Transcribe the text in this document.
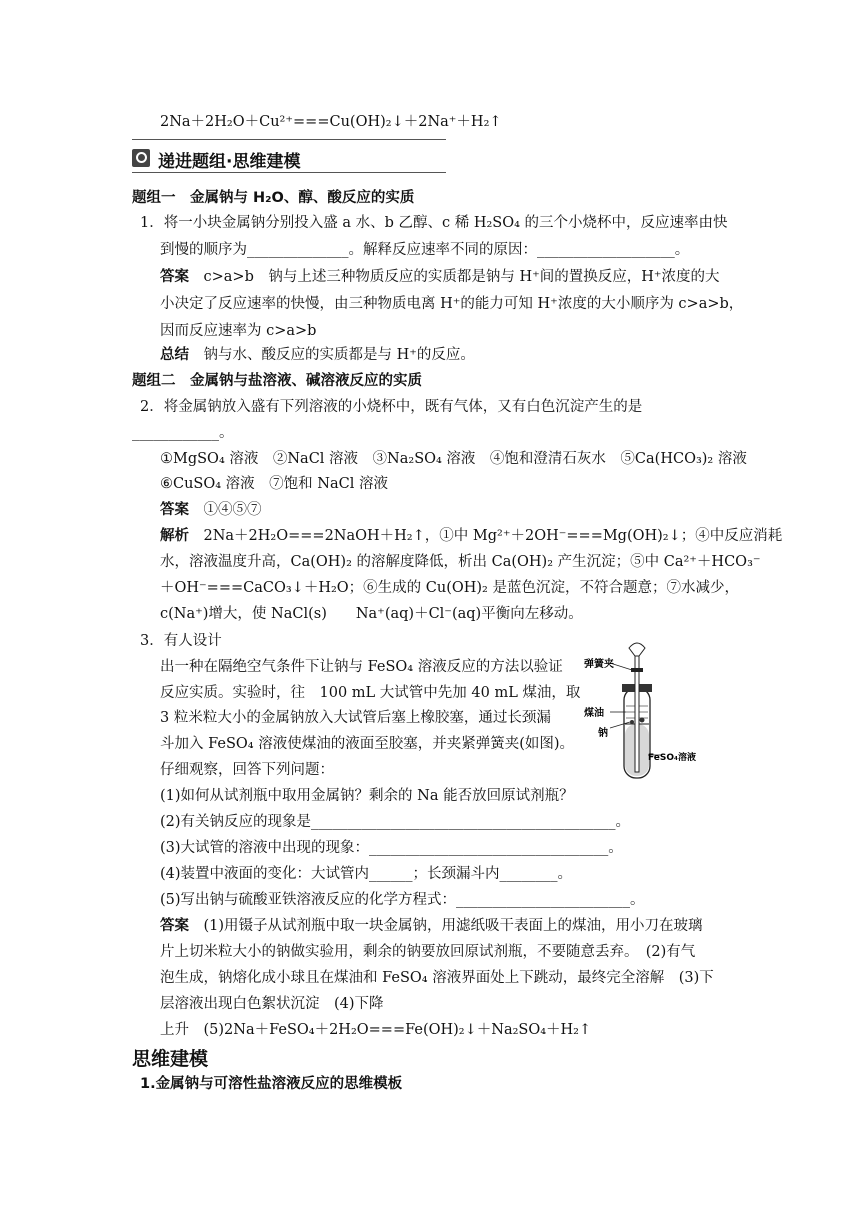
2Na＋2H₂O＋Cu²⁺===Cu(OH)₂↓＋2Na⁺＋H₂↑
递进题组·思维建模
题组一　金属钠与 H₂O、醇、酸反应的实质
1．将一小块金属钠分别投入盛 a 水、b 乙醇、c 稀 H₂SO₄ 的三个小烧杯中，反应速率由快
到慢的顺序为______________。解释反应速率不同的原因：___________________。
答案　 c>a>b　钠与上述三种物质反应的实质都是钠与 H⁺间的置换反应，H⁺浓度的大
小决定了反应速率的快慢，由三种物质电离 H⁺的能力可知 H⁺浓度的大小顺序为 c>a>b，
因而反应速率为 c>a>b
总结　 钠与水、酸反应的实质都是与 H⁺的反应。
题组二　金属钠与盐溶液、碱溶液反应的实质
2．将金属钠放入盛有下列溶液的小烧杯中，既有气体，又有白色沉淀产生的是
____________。
①MgSO₄ 溶液　②NaCl 溶液　③Na₂SO₄ 溶液　④饱和澄清石灰水　⑤Ca(HCO₃)₂ 溶液
⑥CuSO₄ 溶液　⑦饱和 NaCl 溶液
答案　 ①④⑤⑦
解析　 2Na＋2H₂O===2NaOH＋H₂↑，①中 Mg²⁺＋2OH⁻===Mg(OH)₂↓；④中反应消耗
水，溶液温度升高，Ca(OH)₂ 的溶解度降低，析出 Ca(OH)₂ 产生沉淀；⑤中 Ca²⁺＋HCO₃⁻
＋OH⁻===CaCO₃↓＋H₂O；⑥生成的 Cu(OH)₂ 是蓝色沉淀，不符合题意；⑦水减少，
c(Na⁺)增大，使 NaCl(s)　　Na⁺(aq)＋Cl⁻(aq)平衡向左移动。
3．有人设计
出一种在隔绝空气条件下让钠与 FeSO₄ 溶液反应的方法以验证
反应实质。实验时，往　100 mL 大试管中先加 40 mL 煤油，取
3 粒米粒大小的金属钠放入大试管后塞上橡胶塞，通过长颈漏
斗加入 FeSO₄ 溶液使煤油的液面至胶塞，并夹紧弹簧夹(如图)。
仔细观察，回答下列问题：
弹簧夹
煤油
钠
FeSO₄溶液
(1)如何从试剂瓶中取用金属钠？剩余的 Na 能否放回原试剂瓶？
(2)有关钠反应的现象是__________________________________________。
(3)大试管的溶液中出现的现象：_________________________________。
(4)装置中液面的变化：大试管内______；长颈漏斗内________。
(5)写出钠与硫酸亚铁溶液反应的化学方程式：________________________。
答案　 (1)用镊子从试剂瓶中取一块金属钠，用滤纸吸干表面上的煤油，用小刀在玻璃
片上切米粒大小的钠做实验用，剩余的钠要放回原试剂瓶，不要随意丢弃。　(2)有气
泡生成，钠熔化成小球且在煤油和 FeSO₄ 溶液界面处上下跳动，最终完全溶解　(3)下
层溶液出现白色絮状沉淀　(4)下降
上升　(5)2Na＋FeSO₄＋2H₂O===Fe(OH)₂↓＋Na₂SO₄＋H₂↑
思维建模
1.金属钠与可溶性盐溶液反应的思维模板
